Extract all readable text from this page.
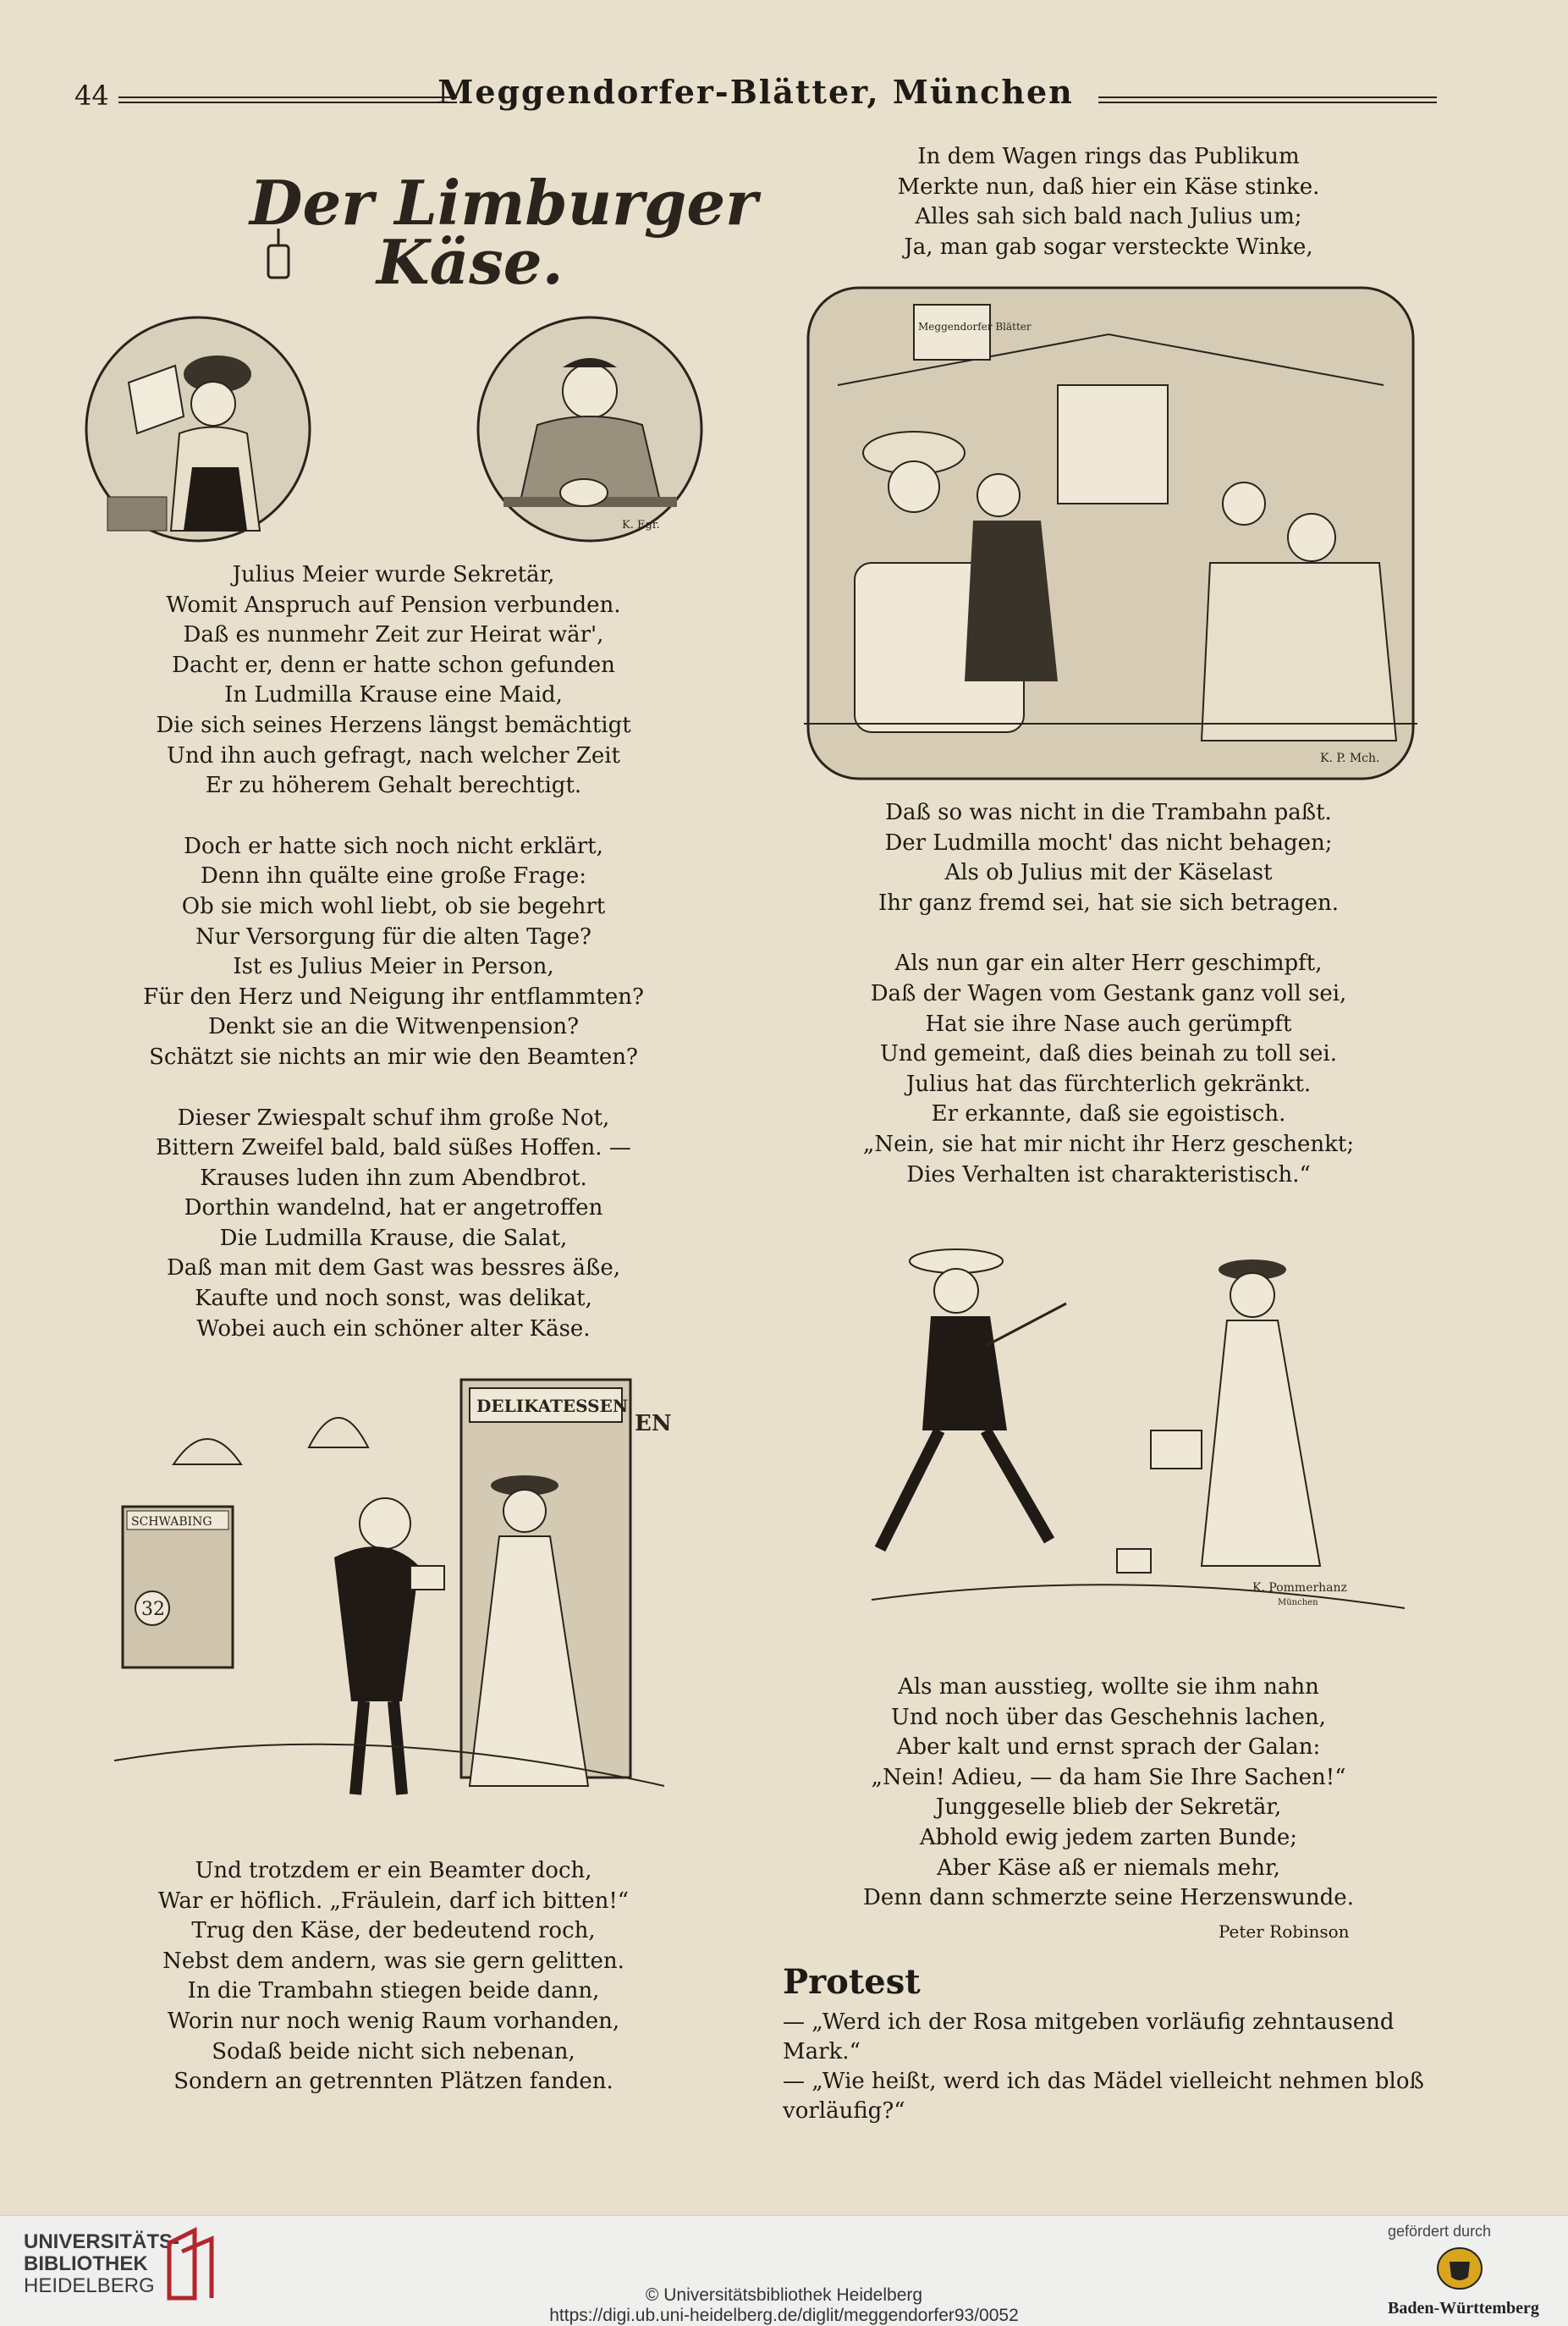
44	Meggendorfer-Blätter, München
Der Limburger
Käse.
K. Egr.

Julius Meier wurde Sekretär,

Womit Anspruch auf Pension verbunden.

Daß es nunmehr Zeit zur Heirat wär',

Dacht er, denn er hatte schon gefunden

In Ludmilla Krause eine Maid,

Die sich seines Herzens längst bemächtigt

Und ihn auch gefragt, nach welcher Zeit

Er zu höherem Gehalt berechtigt.

Doch er hatte sich noch nicht erklärt,

Denn ihn quälte eine große Frage:

Ob sie mich wohl liebt, ob sie begehrt

Nur Versorgung für die alten Tage?

Ist es Julius Meier in Person,

Für den Herz und Neigung ihr entflammten?

Denkt sie an die Witwenpension?

Schätzt sie nichts an mir wie den Beamten?

Dieser Zwiespalt schuf ihm große Not,

Bittern Zweifel bald, bald süßes Hoffen. —

Krauses luden ihn zum Abendbrot.

Dorthin wandelnd, hat er angetroffen

Die Ludmilla Krause, die Salat,

Daß man mit dem Gast was bessres äße,

Kaufte und noch sonst, was delikat,

Wobei auch ein schöner alter Käse.

SCHWABING
32
DELIKATESSEN
EN

Und trotzdem er ein Beamter doch,

War er höflich. „Fräulein, darf ich bitten!“

Trug den Käse, der bedeutend roch,

Nebst dem andern, was sie gern gelitten.

In die Trambahn stiegen beide dann,

Worin nur noch wenig Raum vorhanden,

Sodaß beide nicht sich nebenan,

Sondern an getrennten Plätzen fanden.

In dem Wagen rings das Publikum

Merkte nun, daß hier ein Käse stinke.

Alles sah sich bald nach Julius um;

Ja, man gab sogar versteckte Winke,

Meggendorfer Blätter
K. P. Mch.

Daß so was nicht in die Trambahn paßt.

Der Ludmilla mocht' das nicht behagen;

Als ob Julius mit der Käselast

Ihr ganz fremd sei, hat sie sich betragen.

Als nun gar ein alter Herr geschimpft,

Daß der Wagen vom Gestank ganz voll sei,

Hat sie ihre Nase auch gerümpft

Und gemeint, daß dies beinah zu toll sei.

Julius hat das fürchterlich gekränkt.

Er erkannte, daß sie egoistisch.

„Nein, sie hat mir nicht ihr Herz geschenkt;

Dies Verhalten ist charakteristisch.“

K. Pommerhanz
München

Als man ausstieg, wollte sie ihm nahn

Und noch über das Geschehnis lachen,

Aber kalt und ernst sprach der Galan:

„Nein! Adieu, — da ham Sie Ihre Sachen!“

Junggeselle blieb der Sekretär,

Abhold ewig jedem zarten Bunde;

Aber Käse aß er niemals mehr,

Denn dann schmerzte seine Herzenswunde.

Peter Robinson
Protest

— „Werd ich der Rosa mitgeben vorläufig zehntausend Mark.“

— „Wie heißt, werd ich das Mädel vielleicht nehmen bloß vorläufig?“

UNIVERSITÄTS-
BIBLIOTHEK
HEIDELBERG	© Universitätsbibliothek Heidelberg
https://digi.ub.uni-heidelberg.de/diglit/meggendorfer93/0052
gefördert durch
Baden-Württemberg
